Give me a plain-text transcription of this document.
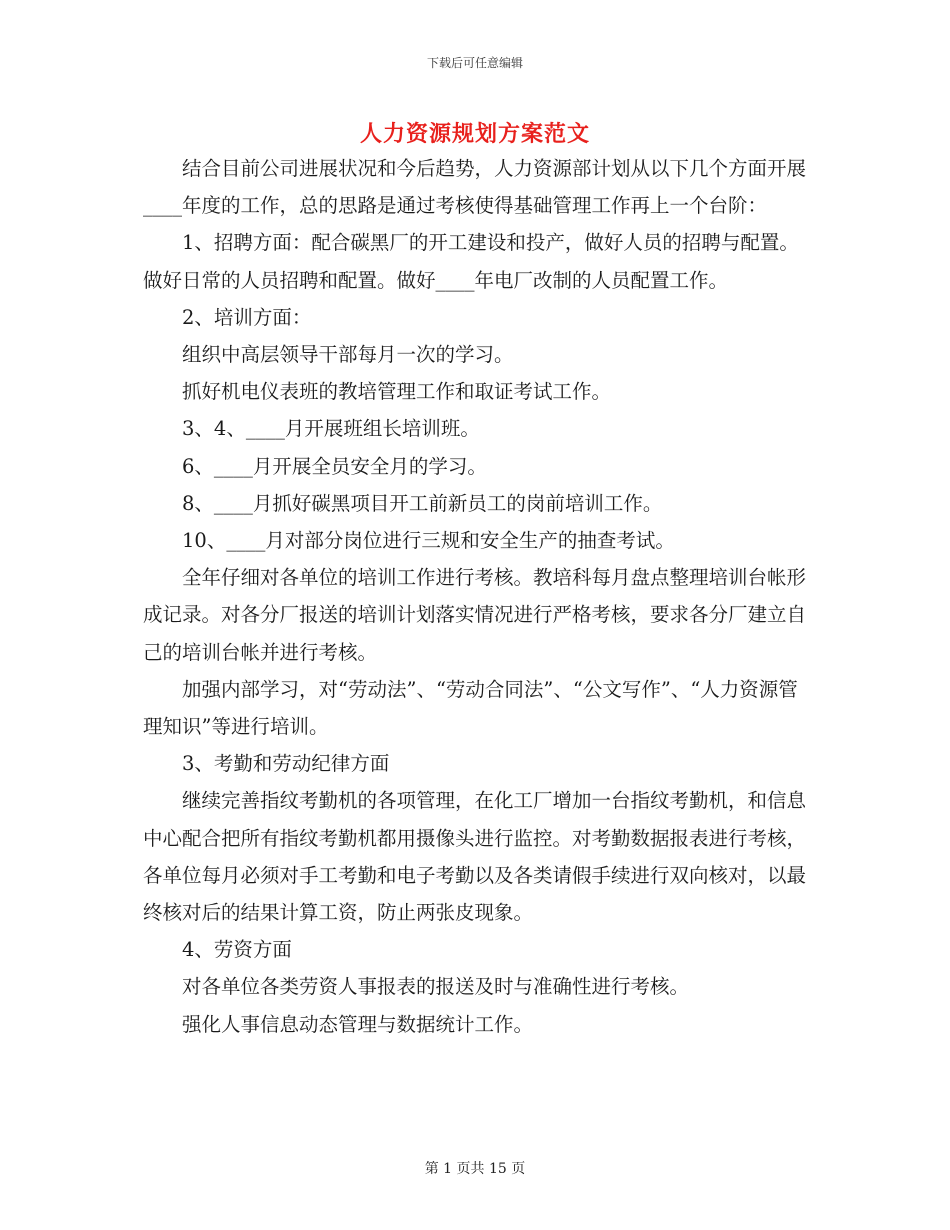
下载后可任意编辑
人力资源规划方案范文

结合目前公司进展状况和今后趋势，人力资源部计划从以下几个方面开展____年度的工作，总的思路是通过考核使得基础管理工作再上一个台阶：

1、招聘方面：配合碳黑厂的开工建设和投产，做好人员的招聘与配置。做好日常的人员招聘和配置。做好____年电厂改制的人员配置工作。

2、培训方面：

组织中高层领导干部每月一次的学习。

抓好机电仪表班的教培管理工作和取证考试工作。

3、4、____月开展班组长培训班。

6、____月开展全员安全月的学习。

8、____月抓好碳黑项目开工前新员工的岗前培训工作。

10、____月对部分岗位进行三规和安全生产的抽查考试。

全年仔细对各单位的培训工作进行考核。教培科每月盘点整理培训台帐形成记录。对各分厂报送的培训计划落实情况进行严格考核，要求各分厂建立自己的培训台帐并进行考核。

加强内部学习，对“劳动法”、“劳动合同法”、“公文写作”、“人力资源管理知识”等进行培训。

3、考勤和劳动纪律方面

继续完善指纹考勤机的各项管理，在化工厂增加一台指纹考勤机，和信息中心配合把所有指纹考勤机都用摄像头进行监控。对考勤数据报表进行考核，各单位每月必须对手工考勤和电子考勤以及各类请假手续进行双向核对，以最终核对后的结果计算工资，防止两张皮现象。

4、劳资方面

对各单位各类劳资人事报表的报送及时与准确性进行考核。

强化人事信息动态管理与数据统计工作。

第 1 页共 15 页
